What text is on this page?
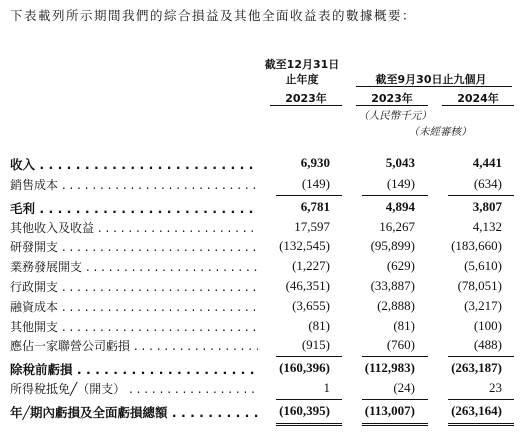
下表載列所示期間我們的綜合損益及其他全面收益表的數據概要：
截至12月31日
止年度	截至9月30日止九個月
2023年	2023年	2024年
（人民幣千元）
（未經審核）
收入 . . .	6,930	5,043	4,441
銷售成本 . . .	(149)	(149)	(634)
毛利 . . .	6,781	4,894	3,807
其他收入及收益 . . .	17,597	16,267	4,132
研發開支 . . .	(132,545)	(95,899)	(183,660)
業務發展開支 . . .	(1,227)	(629)	(5,610)
行政開支 . . .	(46,351)	(33,887)	(78,051)
融資成本 . . .	(3,655)	(2,888)	(3,217)
其他開支 . . .	(81)	(81)	(100)
應佔一家聯營公司虧損 . . .	(915)	(760)	(488)
除稅前虧損 . . .	(160,396)	(112,983)	(263,187)
所得稅抵免╱（開支） . . .	1	(24)	23
年╱期內虧損及全面虧損總額 . . .	(160,395)	(113,007)	(263,164)
